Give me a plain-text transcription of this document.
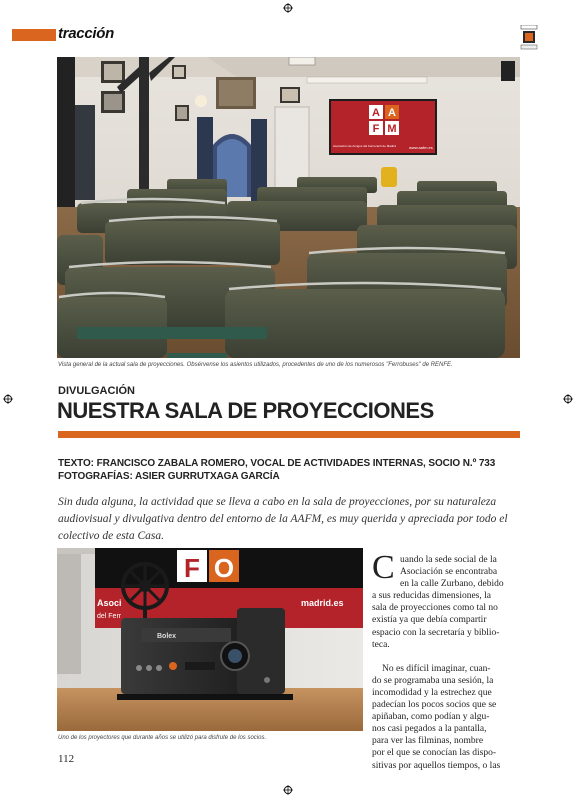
tracción
A A
F M
Asociación de Amigos del Ferrocarril de Madrid	www.aafm.es
Vista general de la actual sala de proyecciones. Obsérvense los asientos utilizados, procedentes de uno de los numerosos "Ferrobuses" de RENFE.
DIVULGACIÓN
NUESTRA SALA DE PROYECCIONES
TEXTO: FRANCISCO ZABALA ROMERO, VOCAL DE ACTIVIDADES INTERNAS, SOCIO N.º 733
FOTOGRAFÍAS: ASIER GURRUTXAGA GARCÍA
Sin duda alguna, la actividad que se lleva a cabo en la sala de proyecciones, por su naturaleza
audiovisual y divulgativa dentro del entorno de la AAFM, es muy querida y apreciada por todo el
colectivo de esta Casa.
F O
Asoci
del Ferr
madrid.es
Bolex
Uno de los proyectores que durante años se utilizó para disfrute de los socios.
C uando la sede social de la
Asociación se encontraba
en la calle Zurbano, debido
a sus reducidas dimensiones, la
sala de proyecciones como tal no
existía ya que debía compartir
espacio con la secretaría y biblio-
teca.
No es difícil imaginar, cuan-
do se programaba una sesión, la
incomodidad y la estrechez que
padecían los pocos socios que se
apiñaban, como podían y algu-
nos casi pegados a la pantalla,
para ver las filminas, nombre
por el que se conocían las dispo-
sitivas por aquellos tiempos, o las
112
